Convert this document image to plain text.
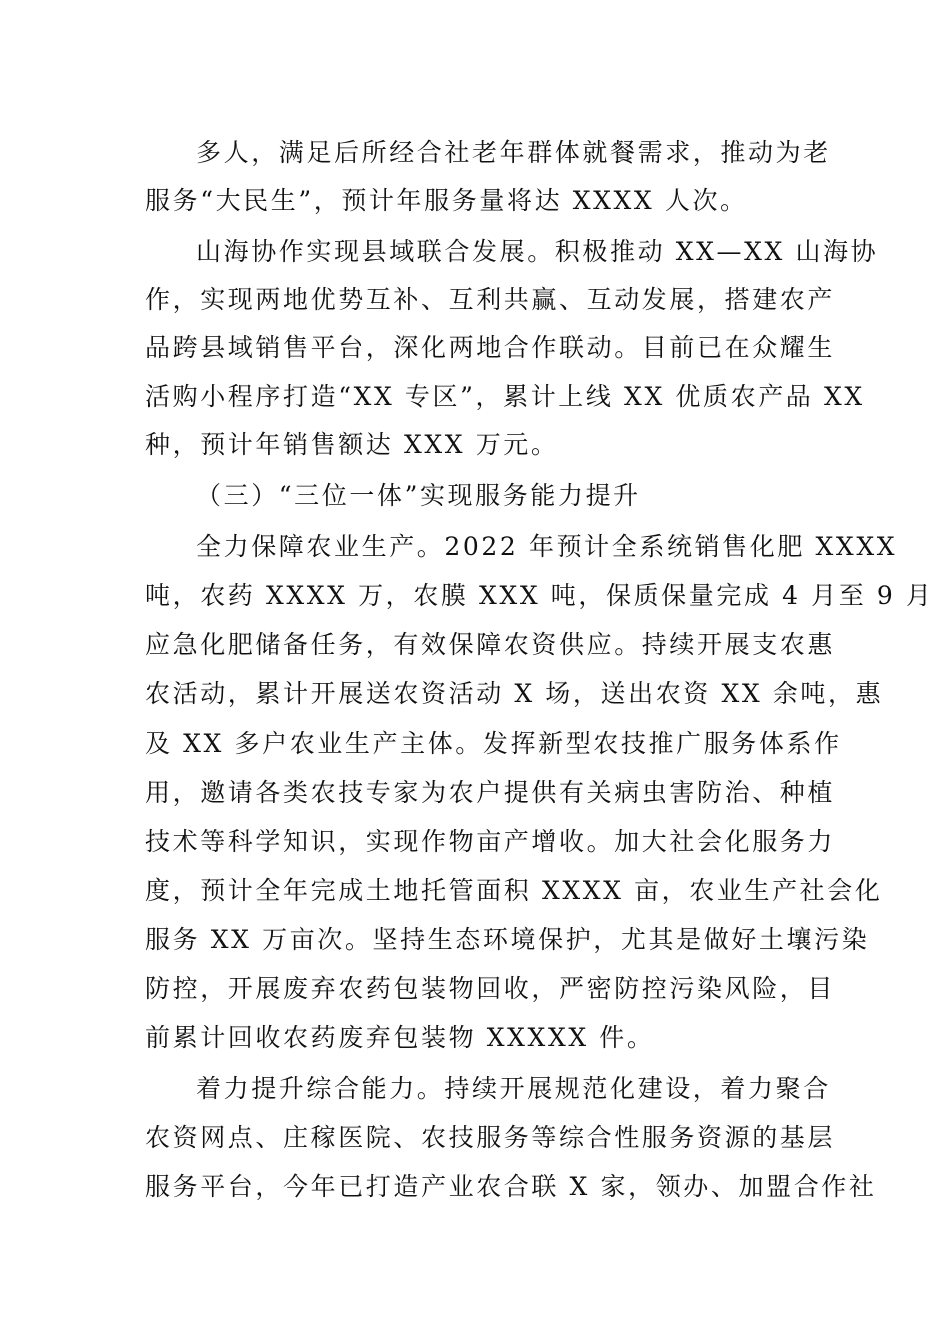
多人，满足后所经合社老年群体就餐需求，推动为老
服务“大民生”，预计年服务量将达 XXXX 人次。
山海协作实现县域联合发展。积极推动 XX—XX 山海协
作，实现两地优势互补、互利共赢、互动发展，搭建农产
品跨县域销售平台，深化两地合作联动。目前已在众耀生
活购小程序打造“XX 专区”，累计上线 XX 优质农产品 XX
种，预计年销售额达 XXX 万元。
（三）“三位一体”实现服务能力提升
全力保障农业生产。2022 年预计全系统销售化肥 XXXX
吨，农药 XXXX 万，农膜 XXX 吨，保质保量完成 4 月至 9 月
应急化肥储备任务，有效保障农资供应。持续开展支农惠
农活动，累计开展送农资活动 X 场，送出农资 XX 余吨，惠
及 XX 多户农业生产主体。发挥新型农技推广服务体系作
用，邀请各类农技专家为农户提供有关病虫害防治、种植
技术等科学知识，实现作物亩产增收。加大社会化服务力
度，预计全年完成土地托管面积 XXXX 亩，农业生产社会化
服务 XX 万亩次。坚持生态环境保护，尤其是做好土壤污染
防控，开展废弃农药包装物回收，严密防控污染风险，目
前累计回收农药废弃包装物 XXXXX 件。
着力提升综合能力。持续开展规范化建设，着力聚合
农资网点、庄稼医院、农技服务等综合性服务资源的基层
服务平台，今年已打造产业农合联 X 家，领办、加盟合作社
